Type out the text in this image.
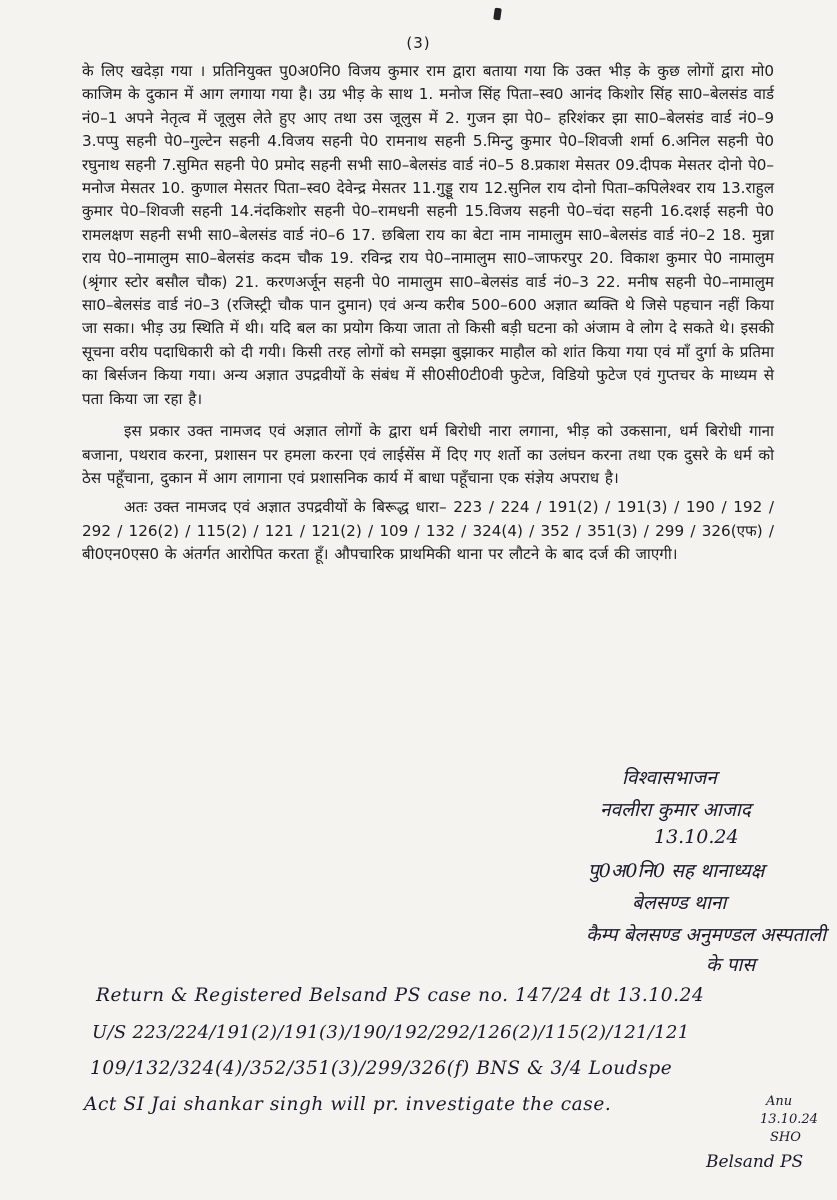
(3)

के लिए खदेड़ा गया । प्रतिनियुक्त पु0अ0नि0 विजय कुमार राम द्वारा बताया गया कि उक्त भीड़ के कुछ लोगों द्वारा मो0 काजिम के दुकान में आग लगाया गया है। उग्र भीड़ के साथ 1. मनोज सिंह पिता–स्व0 आनंद किशोर सिंह सा0–बेलसंड वार्ड नं0–1 अपने नेतृत्व में जूलुस लेते हुए आए तथा उस जूलुस में 2. गुजन झा पे0– हरिशंकर झा सा0–बेलसंड वार्ड नं0–9 3.पप्पु सहनी पे0–गुल्टेन सहनी 4.विजय सहनी पे0 रामनाथ सहनी 5.मिन्टु कुमार पे0–शिवजी शर्मा 6.अनिल सहनी पे0 रघुनाथ सहनी 7.सुमित सहनी पे0 प्रमोद सहनी सभी सा0–बेलसंड वार्ड नं0–5 8.प्रकाश मेसतर 09.दीपक मेसतर दोनो पे0–मनोज मेसतर 10. कुणाल मेसतर पिता–स्व0 देवेन्द्र मेसतर 11.गुड्डू राय 12.सुनिल राय दोनो पिता–कपिलेश्वर राय 13.राहुल कुमार पे0–शिवजी सहनी 14.नंदकिशोर सहनी पे0–रामधनी सहनी 15.विजय सहनी पे0–चंदा सहनी 16.दशई सहनी पे0 रामलक्षण सहनी सभी सा0–बेलसंड वार्ड नं0–6 17. छबिला राय का बेटा नाम नामालुम सा0–बेलसंड वार्ड नं0–2 18. मुन्ना राय पे0–नामालुम सा0–बेलसंड कदम चौक 19. रविन्द्र राय पे0–नामालुम सा0–जाफरपुर 20. विकाश कुमार पे0 नामालुम (श्रृंगार स्टोर बसौल चौक) 21. करणअर्जून सहनी पे0 नामालुम सा0–बेलसंड वार्ड नं0–3 22. मनीष सहनी पे0–नामालुम सा0–बेलसंड वार्ड नं0–3 (रजिस्ट्री चौक पान दुमान) एवं अन्य करीब 500–600 अज्ञात ब्यक्ति थे जिसे पहचान नहीं किया जा सका। भीड़ उग्र स्थिति में थी। यदि बल का प्रयोग किया जाता तो किसी बड़ी घटना को अंजाम वे लोग दे सकते थे। इसकी सूचना वरीय पदाधिकारी को दी गयी। किसी तरह लोगों को समझा बुझाकर माहौल को शांत किया गया एवं माँ दुर्गा के प्रतिमा का बिर्सजन किया गया। अन्य अज्ञात उपद्रवीयों के संबंध में सी0सी0टी0वी फुटेज, विडियो फुटेज एवं गुप्तचर के माध्यम से पता किया जा रहा है।

इस प्रकार उक्त नामजद एवं अज्ञात लोगों के द्वारा धर्म बिरोधी नारा लगाना, भीड़ को उकसाना, धर्म बिरोधी गाना बजाना, पथराव करना, प्रशासन पर हमला करना एवं लाईसेंस में दिए गए शर्तो का उलंघन करना तथा एक दुसरे के धर्म को ठेस पहूँचाना, दुकान में आग लागाना एवं प्रशासनिक कार्य में बाधा पहूँचाना एक संज्ञेय अपराध है।

अतः उक्त नामजद एवं अज्ञात उपद्रवीयों के बिरूद्ध धारा– 223 / 224 / 191(2) / 191(3) / 190 / 192 / 292 / 126(2) / 115(2) / 121 / 121(2) / 109 / 132 / 324(4) / 352 / 351(3) / 299 / 326(एफ) / बी0एन0एस0 के अंतर्गत आरोपित करता हूँ। औपचारिक प्राथमिकी थाना पर लौटने के बाद दर्ज की जाएगी।

विश्वासभाजन
नवलीरा कुमार आजाद
13.10.24
पु0अ0नि0 सह थानाध्यक्ष
बेलसण्ड थाना
कैम्प बेलसण्ड अनुमण्डल अस्पताली
के पास
Return & Registered Belsand PS case no. 147/24 dt 13.10.24
U/S 223/224/191(2)/191(3)/190/192/292/126(2)/115(2)/121/121
109/132/324(4)/352/351(3)/299/326(f) BNS & 3/4 Loudspe
Act SI Jai shankar singh will pr. investigate the case.	Anu
13.10.24
SHO
Belsand PS
